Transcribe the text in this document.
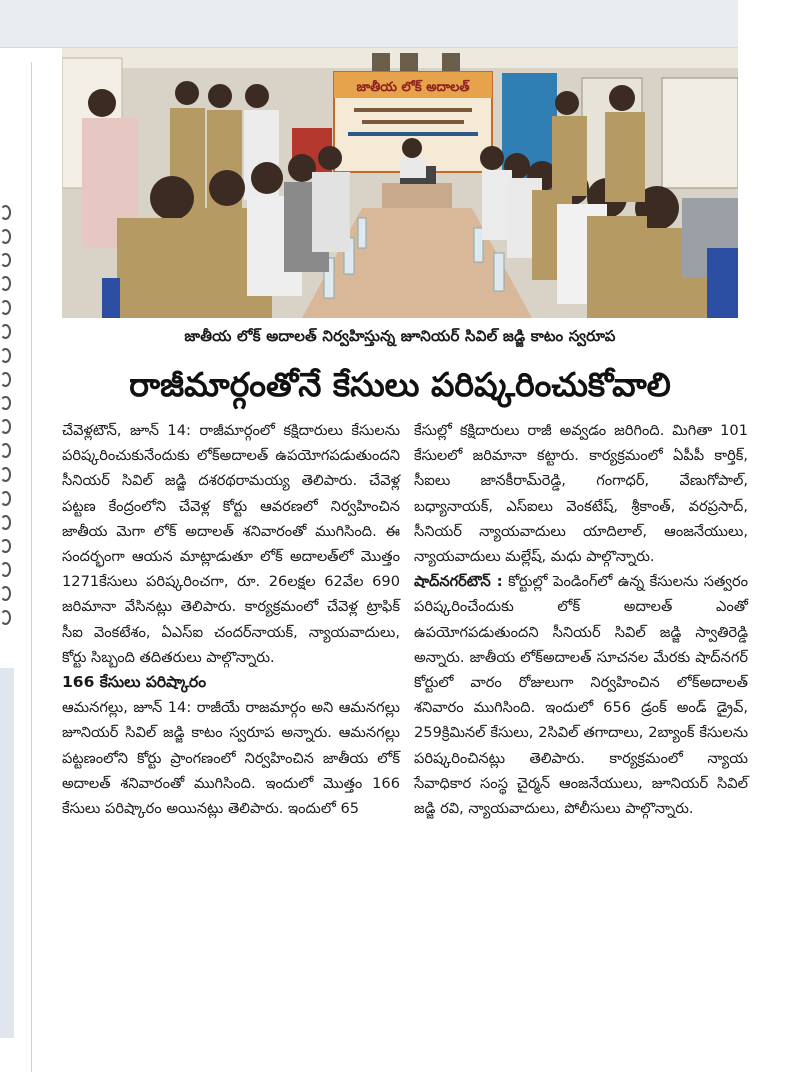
జాతీయ లోక్ అదాలత్
జాతీయ లోక్ అదాలత్ నిర్వహిస్తున్న జూనియర్ సివిల్ జడ్జి కాటం స్వరూప
రాజీమార్గంతోనే కేసులు పరిష్కరించుకోవాలి

చేవెళ్లటౌన్, జూన్ 14: రాజీమార్గంలో కక్షిదారులు కేసులను పరిష్కరించుకునేందుకు లోక్అదాలత్ ఉపయోగపడుతుందని సీనియర్ సివిల్ జడ్జి దశరథరామయ్య తెలిపారు. చేవెళ్ల పట్టణ కేంద్రంలోని చేవెళ్ల కోర్టు ఆవరణలో నిర్వహించిన జాతీయ మెగా లోక్ అదాలత్ శనివారంతో ముగిసింది. ఈ సందర్భంగా ఆయన మాట్లాడుతూ లోక్ అదాలత్‌లో మొత్తం 1271కేసులు పరిష్కరించగా, రూ. 26లక్షల 62వేల 690 జరిమానా వేసినట్లు తెలిపారు. కార్యక్రమంలో చేవెళ్ల ట్రాఫిక్ సీఐ వెంకటేశం, ఏఎస్ఐ చందర్‌నాయక్, న్యాయవాదులు, కోర్టు సిబ్బంది తదితరులు పాల్గొన్నారు.

166 కేసులు పరిష్కారం

ఆమనగల్లు, జూన్ 14: రాజీయే రాజమార్గం అని ఆమనగల్లు జూనియర్ సివిల్ జడ్జి కాటం స్వరూప అన్నారు. ఆమనగల్లు పట్టణంలోని కోర్టు ప్రాంగణంలో నిర్వహించిన జాతీయ లోక్ అదాలత్ శనివారంతో ముగిసింది. ఇందులో మొత్తం 166 కేసులు పరిష్కారం అయినట్లు తెలిపారు. ఇందులో 65

కేసుల్లో కక్షిదారులు రాజీ అవ్వడం జరిగింది. మిగితా 101 కేసులలో జరిమానా కట్టారు. కార్యక్రమంలో ఏపీపీ కార్తిక్, సీఐలు జానకీరామ్‌రెడ్డి, గంగాధర్, వేణుగోపాల్, బధ్యానాయక్, ఎస్ఐలు వెంకటేష్, శ్రీకాంత్, వరప్రసాద్, సీనియర్ న్యాయవాదులు యాదిలాల్, ఆంజనేయులు, న్యాయవాదులు మల్లేష్, మధు పాల్గొన్నారు.

షాద్‌నగర్‌టౌన్ : కోర్టుల్లో పెండింగ్‌లో ఉన్న కేసులను సత్వరం పరిష్కరించేందుకు లోక్ అదాలత్ ఎంతో ఉపయోగపడుతుందని సీనియర్ సివిల్ జడ్జి స్వాతిరెడ్డి అన్నారు. జాతీయ లోక్‌అదాలత్ సూచనల మేరకు షాద్‌నగర్ కోర్టులో వారం రోజులుగా నిర్వహించిన లోక్‌అదాలత్ శనివారం ముగిసింది. ఇందులో 656 డ్రంక్ అండ్ డ్రైవ్, 259క్రిమినల్ కేసులు, 2సివిల్ తగాదాలు, 2బ్యాంక్ కేసులను పరిష్కరించినట్లు తెలిపారు. కార్యక్రమంలో న్యాయ సేవాధికార సంస్థ చైర్మన్ ఆంజనేయులు, జూనియర్ సివిల్ జడ్జి రవి, న్యాయవాదులు, పోలీసులు పాల్గొన్నారు.
